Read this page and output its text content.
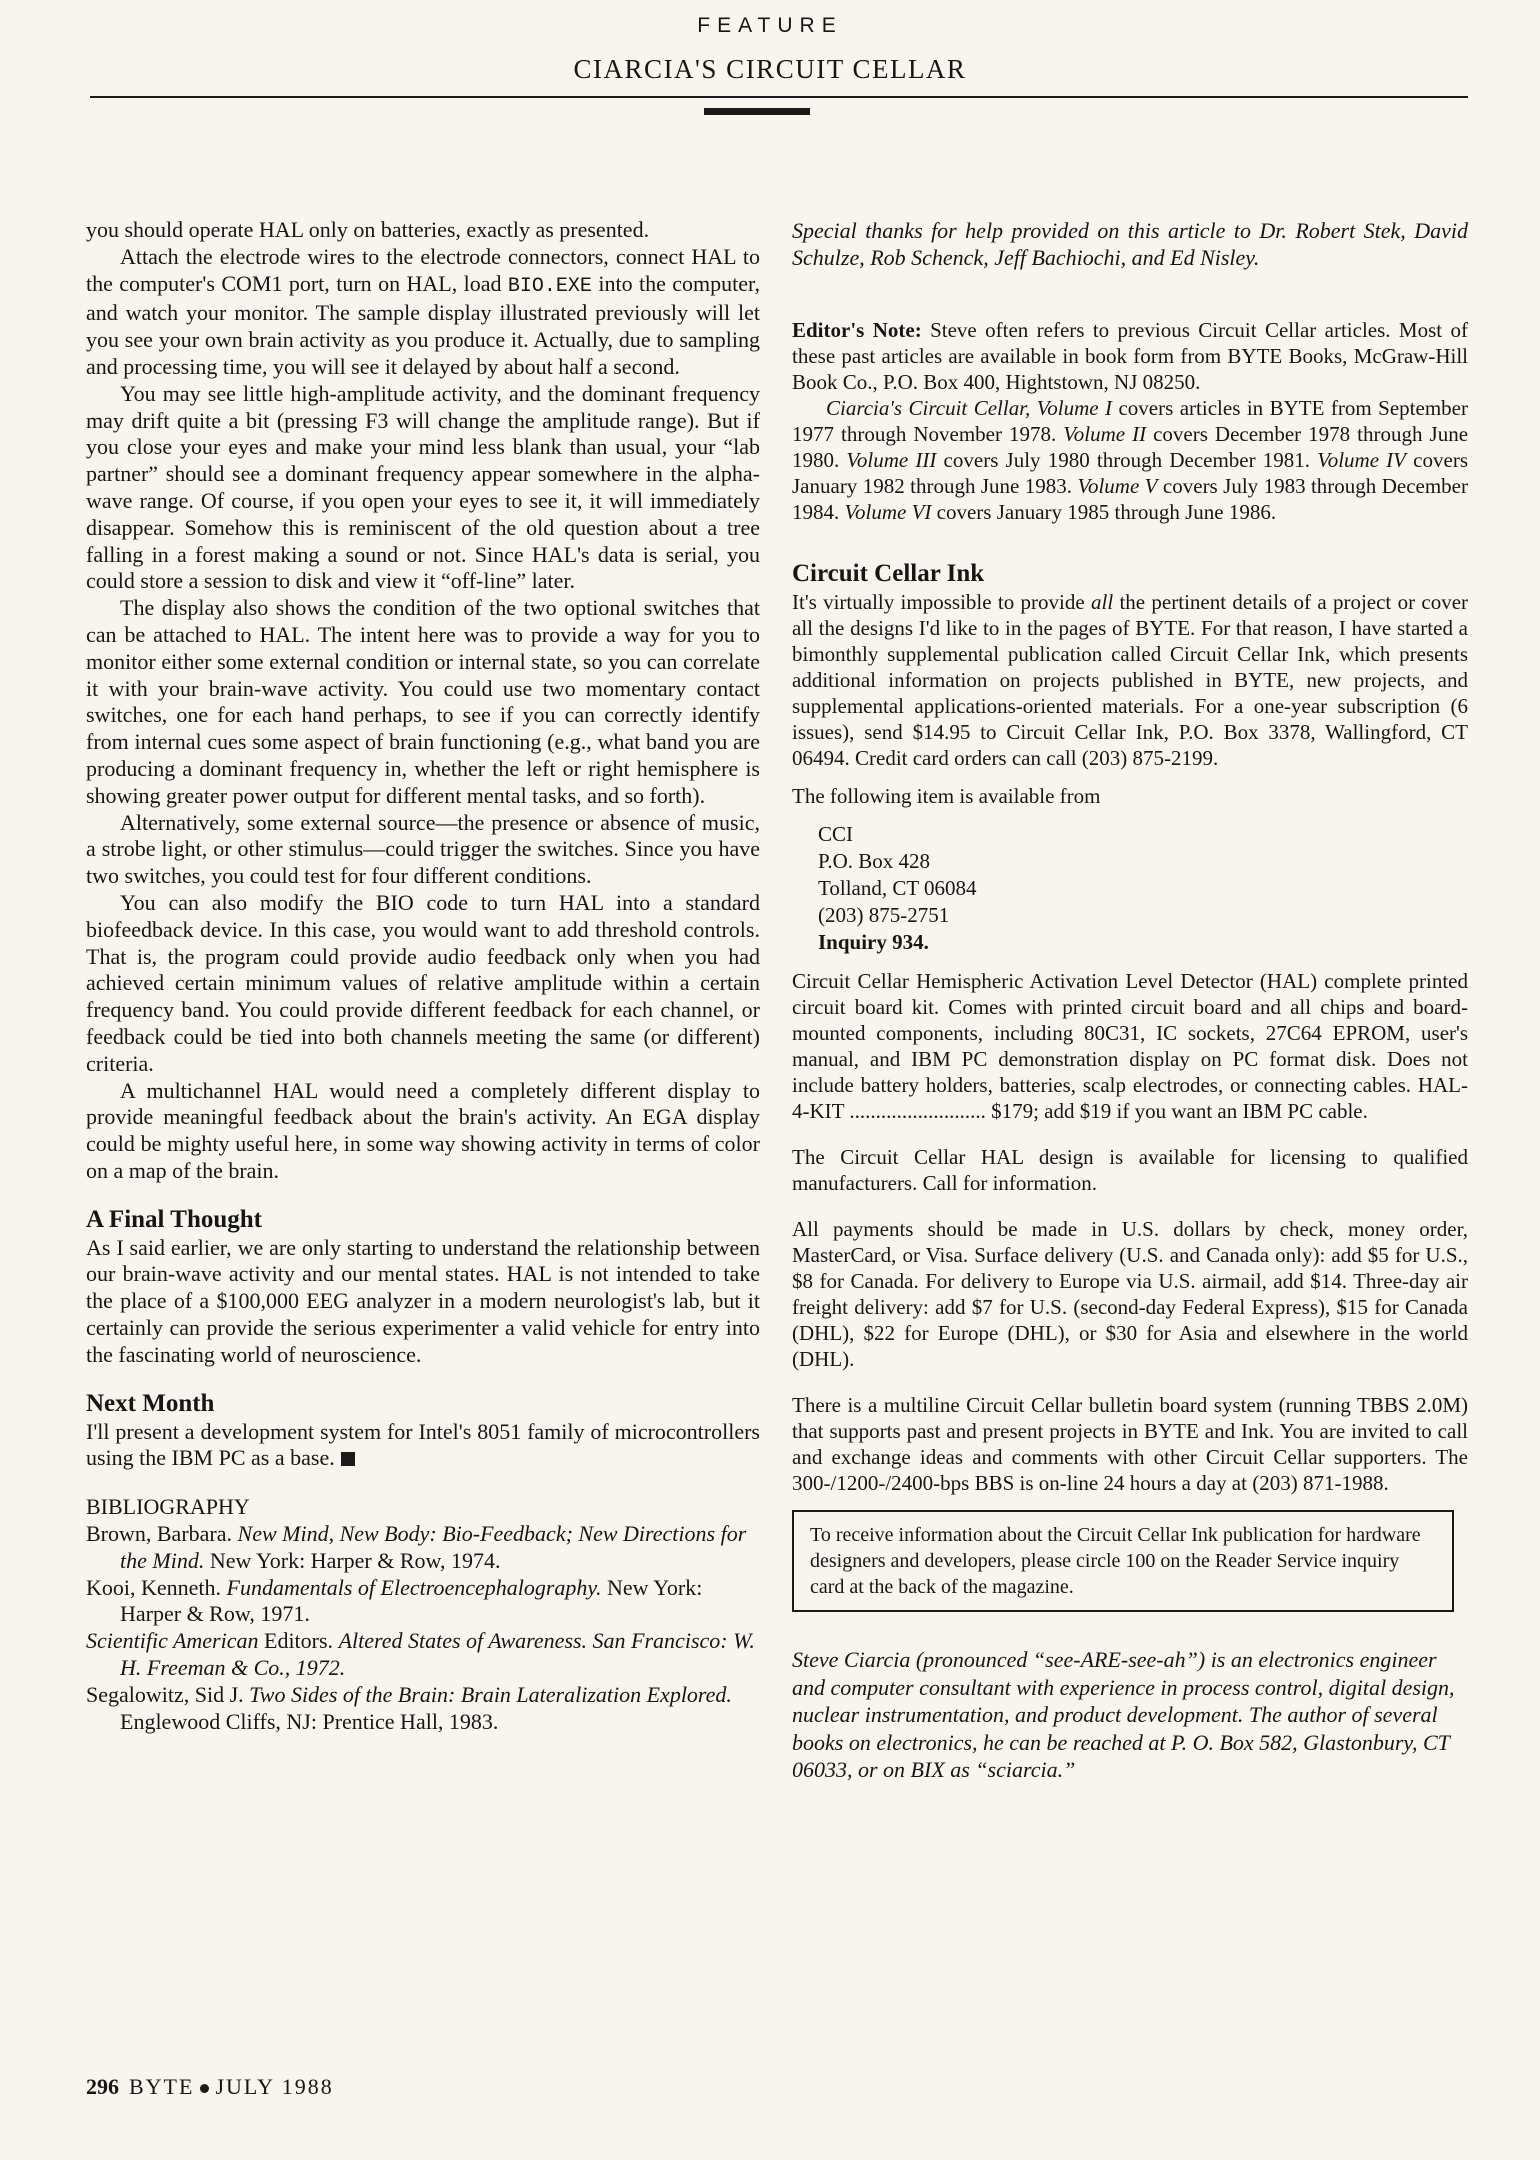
FEATURE
CIARCIA'S CIRCUIT CELLAR

you should operate HAL only on batteries, exactly as presented.

Attach the electrode wires to the electrode connectors, connect HAL to the computer's COM1 port, turn on HAL, load BIO.EXE into the computer, and watch your monitor. The sample display illustrated previously will let you see your own brain activity as you produce it. Actually, due to sampling and processing time, you will see it delayed by about half a second.

You may see little high-amplitude activity, and the dominant frequency may drift quite a bit (pressing F3 will change the amplitude range). But if you close your eyes and make your mind less blank than usual, your “lab partner” should see a dominant frequency appear somewhere in the alpha-wave range. Of course, if you open your eyes to see it, it will immediately disappear. Somehow this is reminiscent of the old question about a tree falling in a forest making a sound or not. Since HAL's data is serial, you could store a session to disk and view it “off-line” later.

The display also shows the condition of the two optional switches that can be attached to HAL. The intent here was to provide a way for you to monitor either some external condition or internal state, so you can correlate it with your brain-wave activity. You could use two momentary contact switches, one for each hand perhaps, to see if you can correctly identify from internal cues some aspect of brain functioning (e.g., what band you are producing a dominant frequency in, whether the left or right hemisphere is showing greater power output for different mental tasks, and so forth).

Alternatively, some external source—the presence or absence of music, a strobe light, or other stimulus—could trigger the switches. Since you have two switches, you could test for four different conditions.

You can also modify the BIO code to turn HAL into a standard biofeedback device. In this case, you would want to add threshold controls. That is, the program could provide audio feedback only when you had achieved certain minimum values of relative amplitude within a certain frequency band. You could provide different feedback for each channel, or feedback could be tied into both channels meeting the same (or different) criteria.

A multichannel HAL would need a completely different display to provide meaningful feedback about the brain's activity. An EGA display could be mighty useful here, in some way showing activity in terms of color on a map of the brain.

A Final Thought

As I said earlier, we are only starting to understand the relationship between our brain-wave activity and our mental states. HAL is not intended to take the place of a $100,000 EEG analyzer in a modern neurologist's lab, but it certainly can provide the serious experimenter a valid vehicle for entry into the fascinating world of neuroscience.

Next Month

I'll present a development system for Intel's 8051 family of microcontrollers using the IBM PC as a base.

BIBLIOGRAPHY

Brown, Barbara. New Mind, New Body: Bio-Feedback; New Directions for the Mind. New York: Harper & Row, 1974.

Kooi, Kenneth. Fundamentals of Electroencephalography. New York: Harper & Row, 1971.

Scientific American Editors. Altered States of Awareness. San Francisco: W. H. Freeman & Co., 1972.

Segalowitz, Sid J. Two Sides of the Brain: Brain Lateralization Explored. Englewood Cliffs, NJ: Prentice Hall, 1983.

Special thanks for help provided on this article to Dr. Robert Stek, David Schulze, Rob Schenck, Jeff Bachiochi, and Ed Nisley.

Editor's Note: Steve often refers to previous Circuit Cellar articles. Most of these past articles are available in book form from BYTE Books, McGraw-Hill Book Co., P.O. Box 400, Hightstown, NJ 08250.

Ciarcia's Circuit Cellar, Volume I covers articles in BYTE from September 1977 through November 1978. Volume II covers December 1978 through June 1980. Volume III covers July 1980 through December 1981. Volume IV covers January 1982 through June 1983. Volume V covers July 1983 through December 1984. Volume VI covers January 1985 through June 1986.

Circuit Cellar Ink

It's virtually impossible to provide all the pertinent details of a project or cover all the designs I'd like to in the pages of BYTE. For that reason, I have started a bimonthly supplemental publication called Circuit Cellar Ink, which presents additional information on projects published in BYTE, new projects, and supplemental applications-oriented materials. For a one-year subscription (6 issues), send $14.95 to Circuit Cellar Ink, P.O. Box 3378, Wallingford, CT 06494. Credit card orders can call (203) 875-2199.

The following item is available from

CCI
P.O. Box 428
Tolland, CT 06084
(203) 875-2751
Inquiry 934.

Circuit Cellar Hemispheric Activation Level Detector (HAL) complete printed circuit board kit. Comes with printed circuit board and all chips and board-mounted components, including 80C31, IC sockets, 27C64 EPROM, user's manual, and IBM PC demonstration display on PC format disk. Does not include battery holders, batteries, scalp electrodes, or connecting cables. HAL-4-KIT .......................... $179; add $19 if you want an IBM PC cable.

The Circuit Cellar HAL design is available for licensing to qualified manufacturers. Call for information.

All payments should be made in U.S. dollars by check, money order, MasterCard, or Visa. Surface delivery (U.S. and Canada only): add $5 for U.S., $8 for Canada. For delivery to Europe via U.S. airmail, add $14. Three-day air freight delivery: add $7 for U.S. (second-day Federal Express), $15 for Canada (DHL), $22 for Europe (DHL), or $30 for Asia and elsewhere in the world (DHL).

There is a multiline Circuit Cellar bulletin board system (running TBBS 2.0M) that supports past and present projects in BYTE and Ink. You are invited to call and exchange ideas and comments with other Circuit Cellar supporters. The 300-/1200-/2400-bps BBS is on-line 24 hours a day at (203) 871-1988.

To receive information about the Circuit Cellar Ink publication for hardware designers and developers, please circle 100 on the Reader Service inquiry card at the back of the magazine.

Steve Ciarcia (pronounced “see-ARE-see-ah”) is an electronics engineer and computer consultant with experience in process control, digital design, nuclear instrumentation, and product development. The author of several books on electronics, he can be reached at P. O. Box 582, Glastonbury, CT 06033, or on BIX as “sciarcia.”

296 BYTE JULY 1988
